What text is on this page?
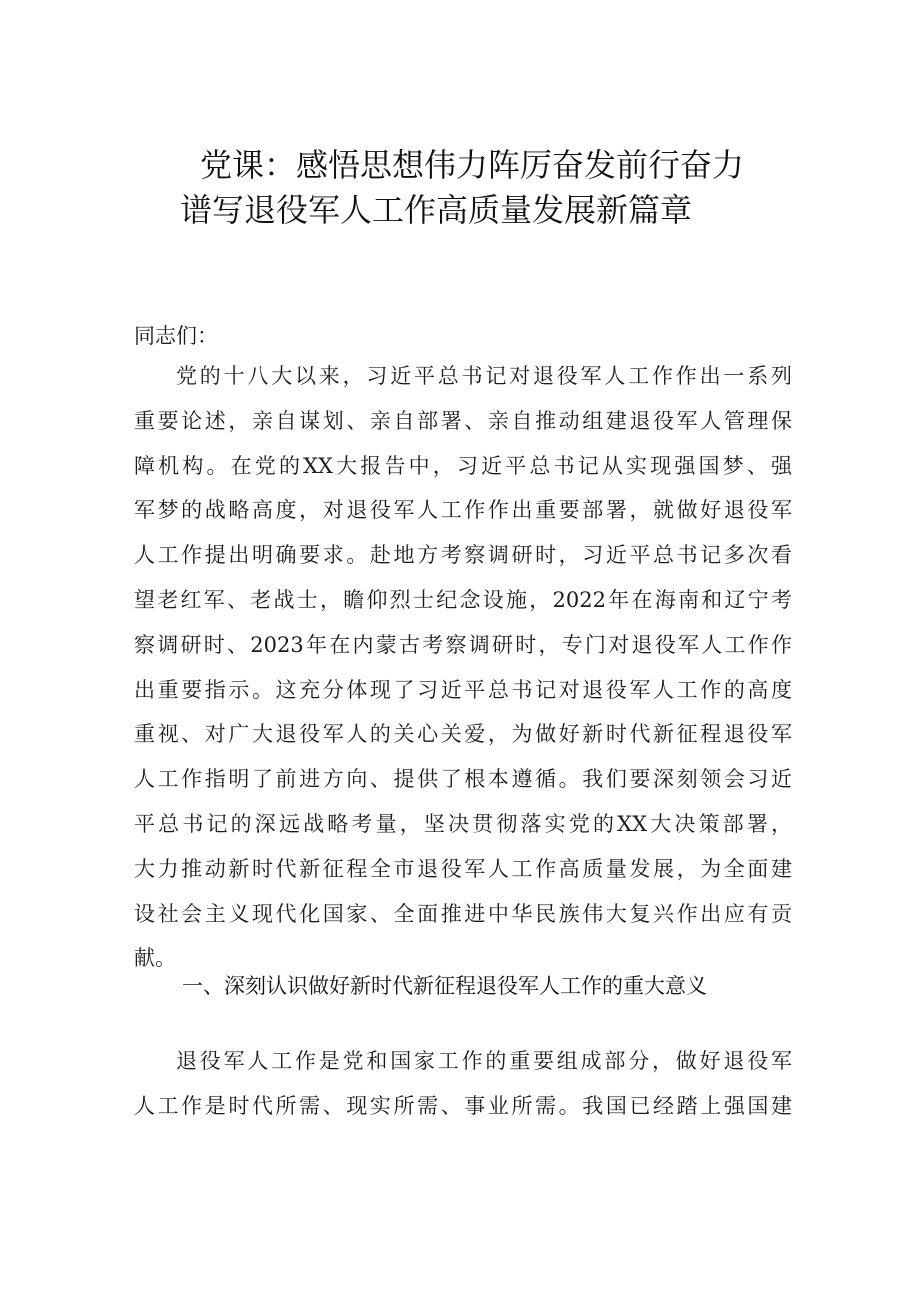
党课：感悟思想伟力阵厉奋发前行奋力
谱写退役军人工作高质量发展新篇章
同志们：
党的十八大以来，习近平总书记对退役军人工作作出一系列
重要论述，亲自谋划、亲自部署、亲自推动组建退役军人管理保
障机构。在党的XX大报告中，习近平总书记从实现强国梦、强
军梦的战略高度，对退役军人工作作出重要部署，就做好退役军
人工作提出明确要求。赴地方考察调研时，习近平总书记多次看
望老红军、老战士，瞻仰烈士纪念设施，2022年在海南和辽宁考
察调研时、2023年在内蒙古考察调研时，专门对退役军人工作作
出重要指示。这充分体现了习近平总书记对退役军人工作的高度
重视、对广大退役军人的关心关爱，为做好新时代新征程退役军
人工作指明了前进方向、提供了根本遵循。我们要深刻领会习近
平总书记的深远战略考量，坚决贯彻落实党的XX大决策部署，
大力推动新时代新征程全市退役军人工作高质量发展，为全面建
设社会主义现代化国家、全面推进中华民族伟大复兴作出应有贡
献。
一、深刻认识做好新时代新征程退役军人工作的重大意义
退役军人工作是党和国家工作的重要组成部分，做好退役军
人工作是时代所需、现实所需、事业所需。我国已经踏上强国建
